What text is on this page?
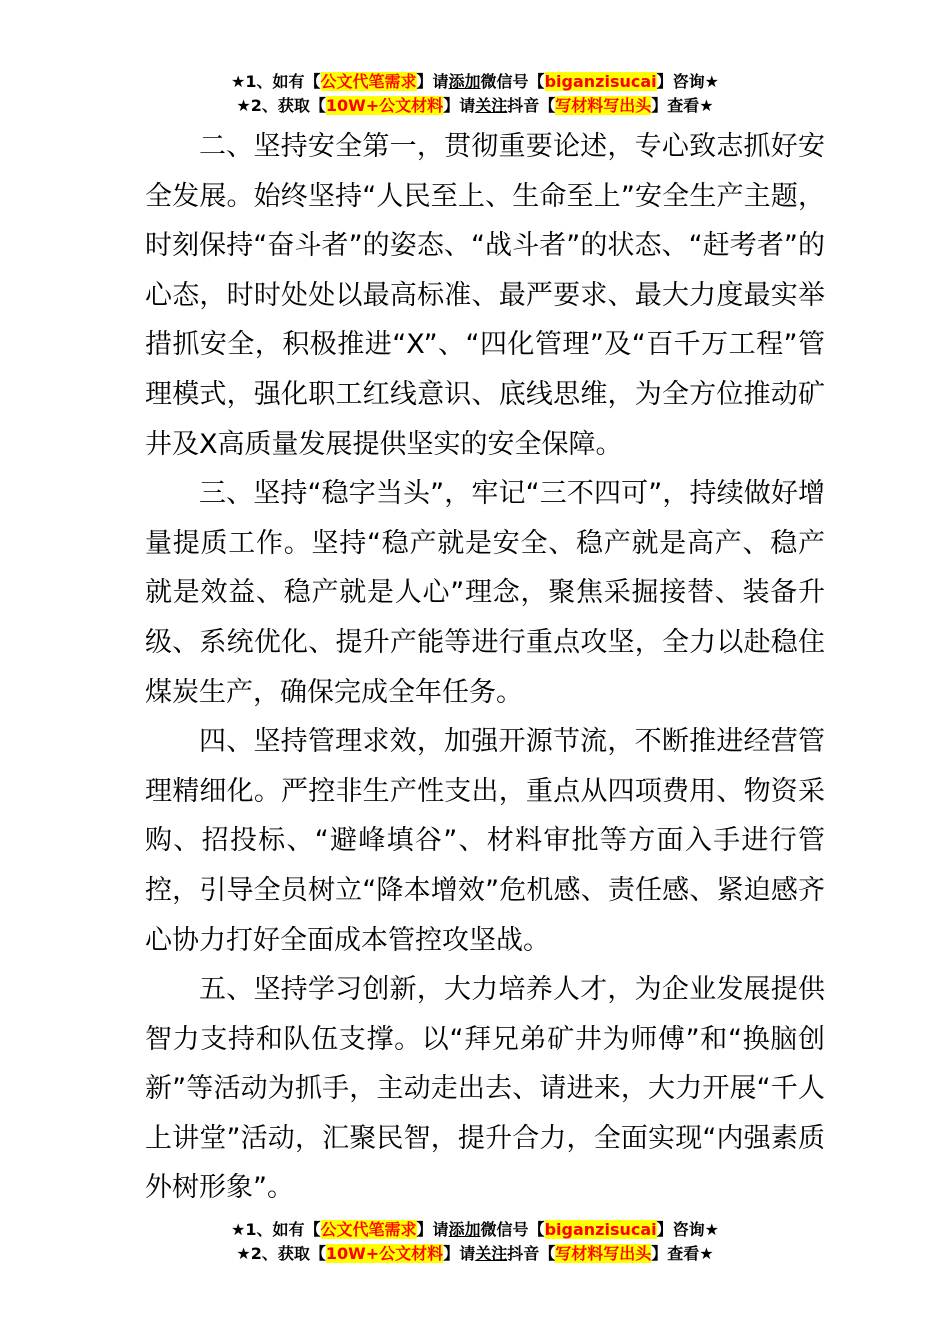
★1、如有【公文代笔需求】请添加微信号【biganzisucai】咨询★
★2、获取【10W+公文材料】请关注抖音【写材料写出头】查看★

二、坚持安全第一，贯彻重要论述，专心致志抓好安全发展。始终坚持“人民至上、生命至上”安全生产主题，时刻保持“奋斗者”的姿态、“战斗者”的状态、“赶考者”的心态，时时处处以最高标准、最严要求、最大力度最实举措抓安全，积极推进“X”、“四化管理”及“百千万工程”管理模式，强化职工红线意识、底线思维，为全方位推动矿井及X高质量发展提供坚实的安全保障。

三、坚持“稳字当头”，牢记“三不四可”，持续做好增量提质工作。坚持“稳产就是安全、稳产就是高产、稳产就是效益、稳产就是人心”理念，聚焦采掘接替、装备升级、系统优化、提升产能等进行重点攻坚，全力以赴稳住煤炭生产，确保完成全年任务。

四、坚持管理求效，加强开源节流，不断推进经营管理精细化。严控非生产性支出，重点从四项费用、物资采购、招投标、“避峰填谷”、材料审批等方面入手进行管控，引导全员树立“降本增效”危机感、责任感、紧迫感齐心协力打好全面成本管控攻坚战。

五、坚持学习创新，大力培养人才，为企业发展提供智力支持和队伍支撑。以“拜兄弟矿井为师傅”和“换脑创新”等活动为抓手，主动走出去、请进来，大力开展“千人上讲堂”活动，汇聚民智，提升合力，全面实现“内强素质外树形象”。

★1、如有【公文代笔需求】请添加微信号【biganzisucai】咨询★
★2、获取【10W+公文材料】请关注抖音【写材料写出头】查看★
